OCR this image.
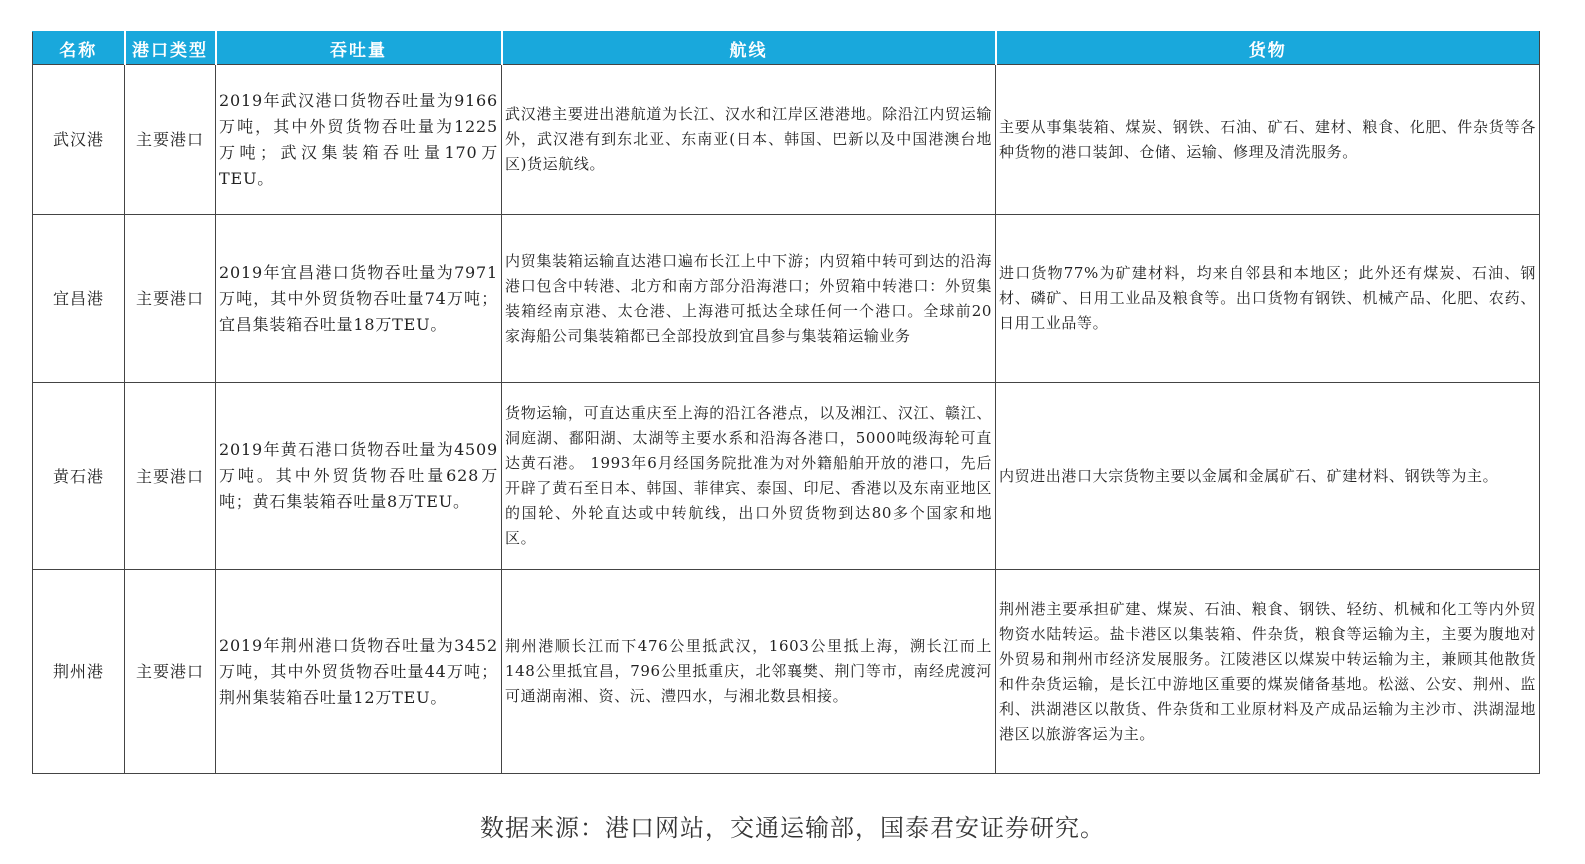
名称	港口类型	吞吐量	航线	货物
武汉港	主要港口	2019年武汉港口货物吞吐量为9166万吨，其中外贸货物吞吐量为1225万吨；武汉集装箱吞吐量170万TEU。	武汉港主要进出港航道为长江、汉水和江岸区港港地。除沿江内贸运输外，武汉港有到东北亚、东南亚(日本、韩国、巴新以及中国港澳台地区)货运航线。	主要从事集装箱、煤炭、钢铁、石油、矿石、建材、粮食、化肥、件杂货等各种货物的港口装卸、仓储、运输、修理及清洗服务。
宜昌港	主要港口	2019年宜昌港口货物吞吐量为7971万吨，其中外贸货物吞吐量74万吨；宜昌集装箱吞吐量18万TEU。	内贸集装箱运输直达港口遍布长江上中下游；内贸箱中转可到达的沿海港口包含中转港、北方和南方部分沿海港口；外贸箱中转港口：外贸集装箱经南京港、太仓港、上海港可抵达全球任何一个港口。全球前20家海船公司集装箱都已全部投放到宜昌参与集装箱运输业务	进口货物77%为矿建材料，均来自邻县和本地区；此外还有煤炭、石油、钢材、磷矿、日用工业品及粮食等。出口货物有钢铁、机械产品、化肥、农药、日用工业品等。
黄石港	主要港口	2019年黄石港口货物吞吐量为4509万吨。其中外贸货物吞吐量628万吨；黄石集装箱吞吐量8万TEU。	货物运输，可直达重庆至上海的沿江各港点，以及湘江、汉江、赣江、洞庭湖、鄱阳湖、太湖等主要水系和沿海各港口，5000吨级海轮可直达黄石港。 1993年6月经国务院批准为对外籍船舶开放的港口，先后开辟了黄石至日本、韩国、菲律宾、泰国、印尼、香港以及东南亚地区的国轮、外轮直达或中转航线，出口外贸货物到达80多个国家和地区。	内贸进出港口大宗货物主要以金属和金属矿石、矿建材料、钢铁等为主。
荆州港	主要港口	2019年荆州港口货物吞吐量为3452万吨，其中外贸货物吞吐量44万吨；荆州集装箱吞吐量12万TEU。	荆州港顺长江而下476公里抵武汉，1603公里抵上海，溯长江而上148公里抵宜昌，796公里抵重庆，北邻襄樊、荆门等市，南经虎渡河可通湖南湘、资、沅、澧四水，与湘北数县相接。	荆州港主要承担矿建、煤炭、石油、粮食、钢铁、轻纺、机械和化工等内外贸物资水陆转运。盐卡港区以集装箱、件杂货，粮食等运输为主，主要为腹地对外贸易和荆州市经济发展服务。江陵港区以煤炭中转运输为主，兼顾其他散货和件杂货运输，是长江中游地区重要的煤炭储备基地。松滋、公安、荆州、监利、洪湖港区以散货、件杂货和工业原材料及产成品运输为主沙市、洪湖湿地港区以旅游客运为主。
数据来源：港口网站，交通运输部，国泰君安证券研究。
